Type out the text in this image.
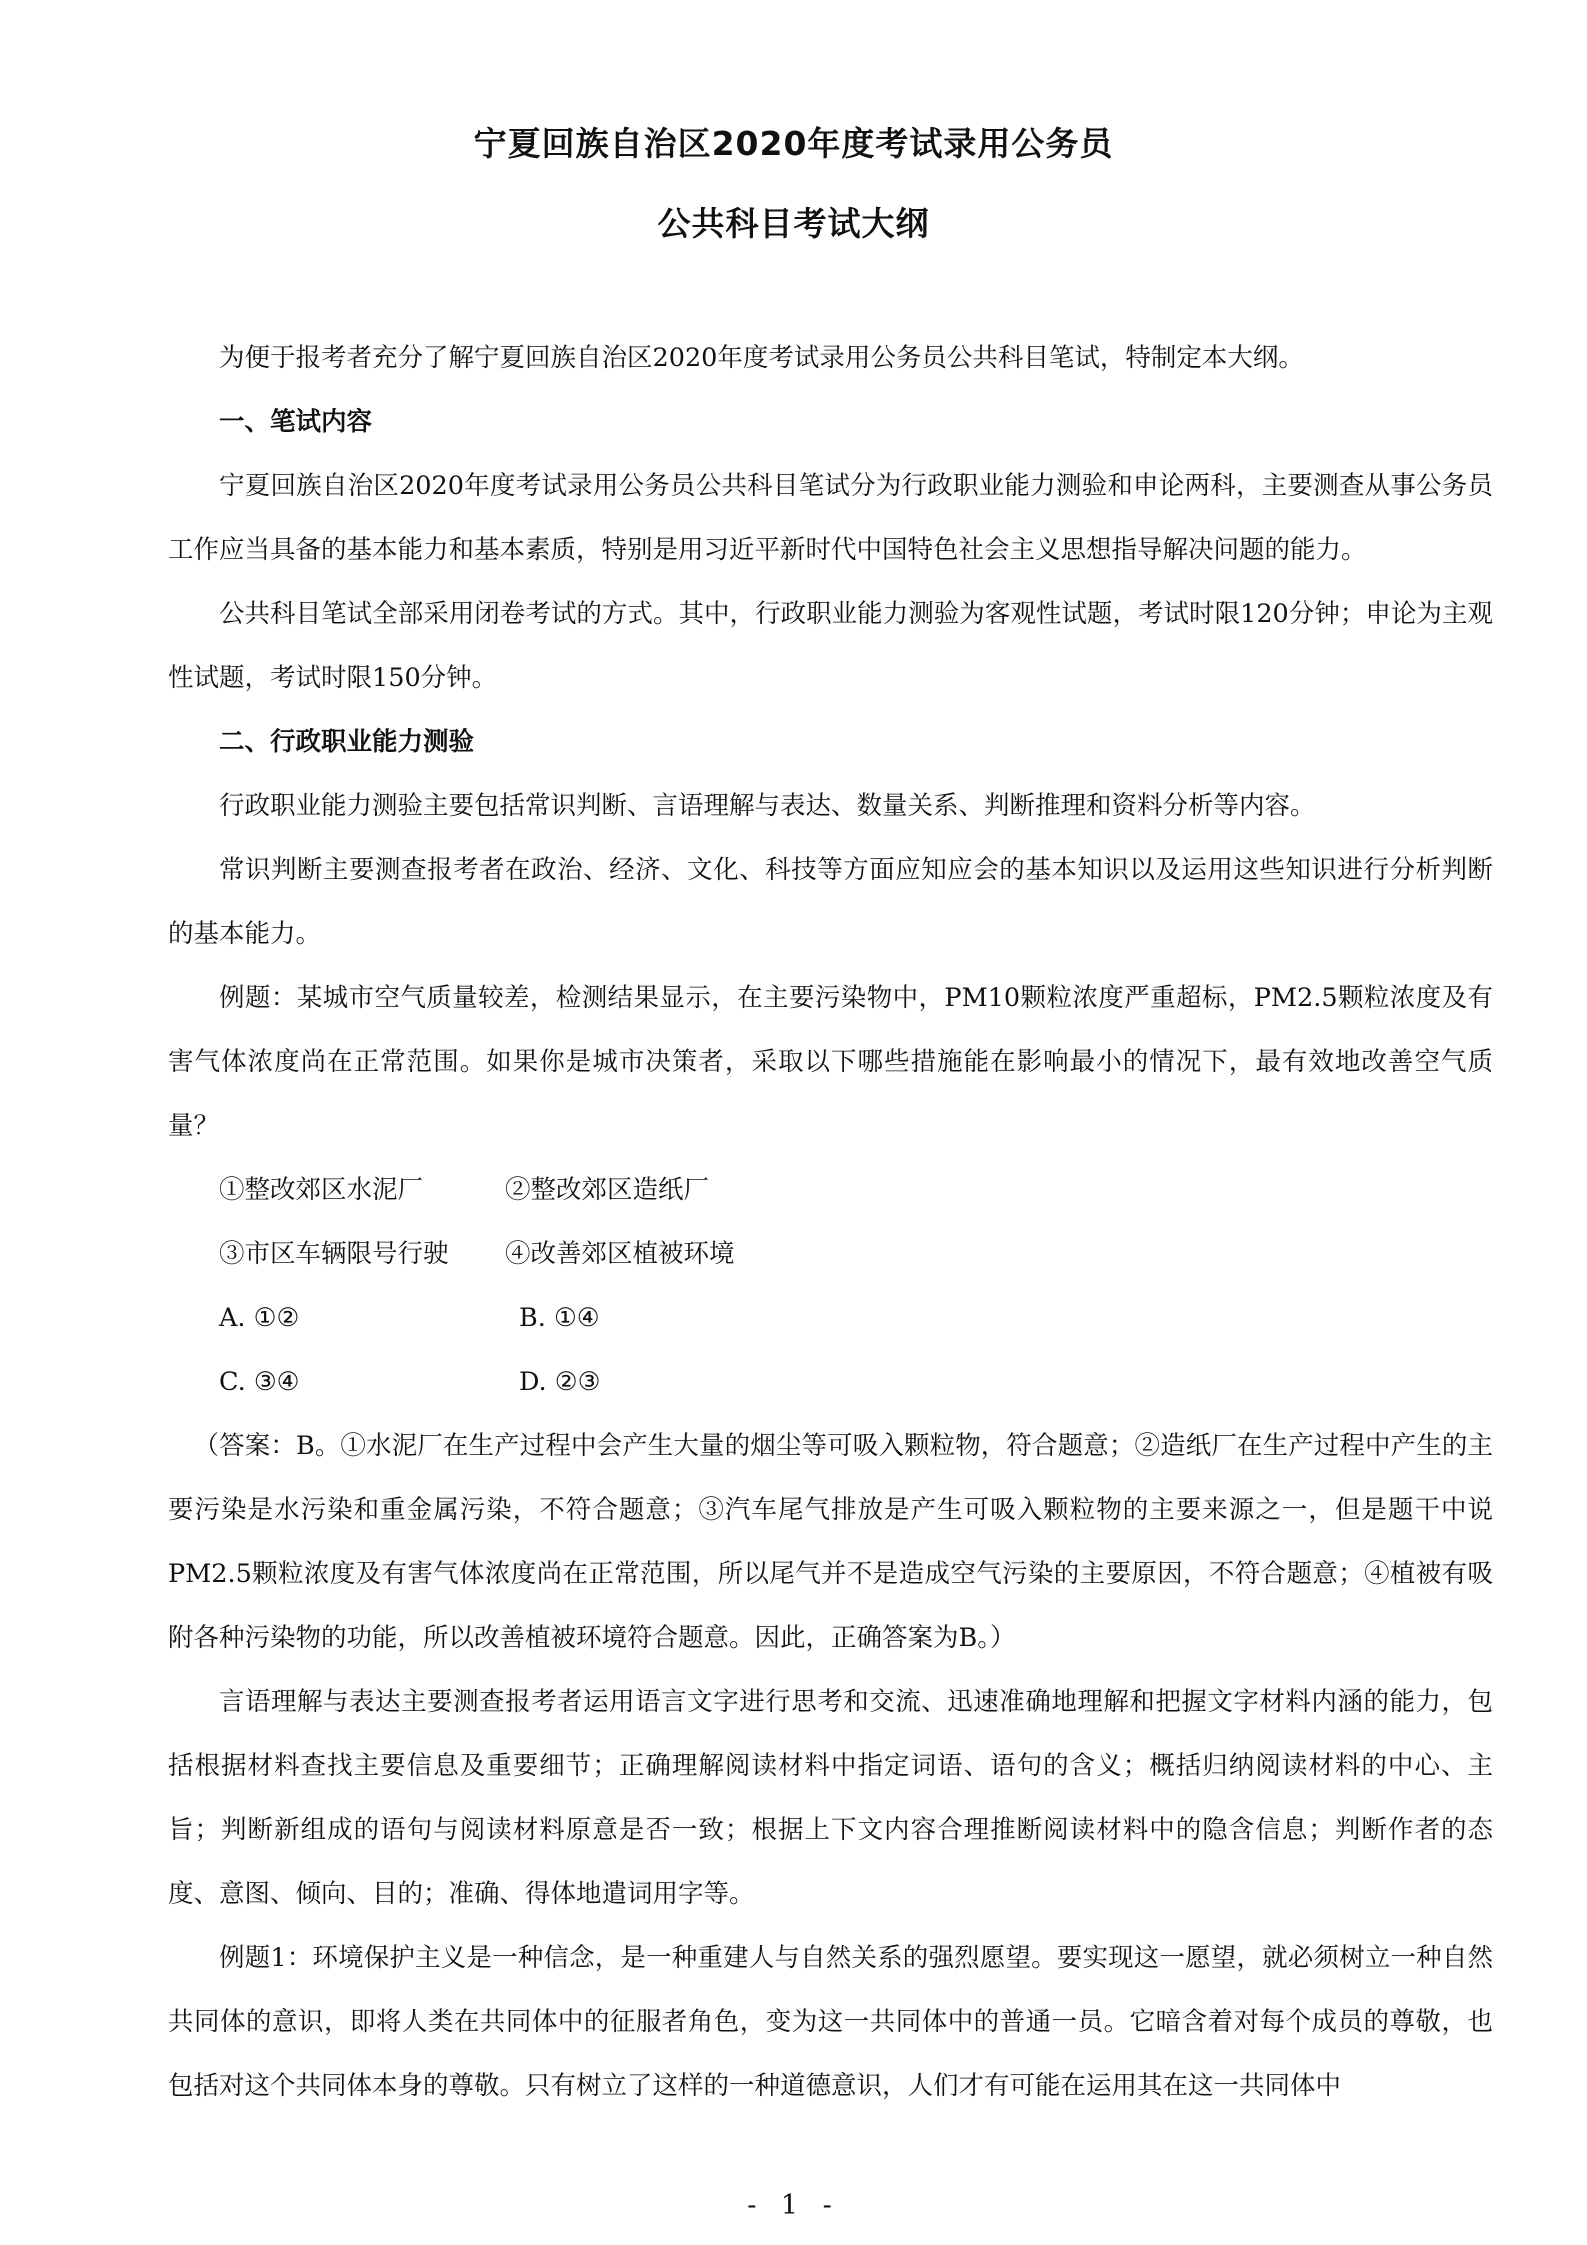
宁夏回族自治区2020年度考试录用公务员
公共科目考试大纲

为便于报考者充分了解宁夏回族自治区2020年度考试录用公务员公共科目笔试，特制定本大纲。

一、笔试内容

宁夏回族自治区2020年度考试录用公务员公共科目笔试分为行政职业能力测验和申论两科，主要测查从事公务员工作应当具备的基本能力和基本素质，特别是用习近平新时代中国特色社会主义思想指导解决问题的能力。

公共科目笔试全部采用闭卷考试的方式。其中，行政职业能力测验为客观性试题，考试时限120分钟；申论为主观性试题，考试时限150分钟。

二、行政职业能力测验

行政职业能力测验主要包括常识判断、言语理解与表达、数量关系、判断推理和资料分析等内容。

常识判断主要测查报考者在政治、经济、文化、科技等方面应知应会的基本知识以及运用这些知识进行分析判断的基本能力。

例题：某城市空气质量较差，检测结果显示，在主要污染物中，PM10颗粒浓度严重超标，PM2.5颗粒浓度及有害气体浓度尚在正常范围。如果你是城市决策者，采取以下哪些措施能在影响最小的情况下，最有效地改善空气质量？

①整改郊区水泥厂	②整改郊区造纸厂
③市区车辆限号行驶 ④改善郊区植被环境
A. ①②	B. ①④
C. ③④	D. ②③

（答案：B。①水泥厂在生产过程中会产生大量的烟尘等可吸入颗粒物，符合题意；②造纸厂在生产过程中产生的主要污染是水污染和重金属污染，不符合题意；③汽车尾气排放是产生可吸入颗粒物的主要来源之一，但是题干中说PM2.5颗粒浓度及有害气体浓度尚在正常范围，所以尾气并不是造成空气污染的主要原因，不符合题意；④植被有吸附各种污染物的功能，所以改善植被环境符合题意。因此，正确答案为B。）

言语理解与表达主要测查报考者运用语言文字进行思考和交流、迅速准确地理解和把握文字材料内涵的能力，包括根据材料查找主要信息及重要细节；正确理解阅读材料中指定词语、语句的含义；概括归纳阅读材料的中心、主旨；判断新组成的语句与阅读材料原意是否一致；根据上下文内容合理推断阅读材料中的隐含信息；判断作者的态度、意图、倾向、目的；准确、得体地遣词用字等。

例题1：环境保护主义是一种信念，是一种重建人与自然关系的强烈愿望。要实现这一愿望，就必须树立一种自然共同体的意识，即将人类在共同体中的征服者角色，变为这一共同体中的普通一员。它暗含着对每个成员的尊敬，也包括对这个共同体本身的尊敬。只有树立了这样的一种道德意识，人们才有可能在运用其在这一共同体中

- 1 -
